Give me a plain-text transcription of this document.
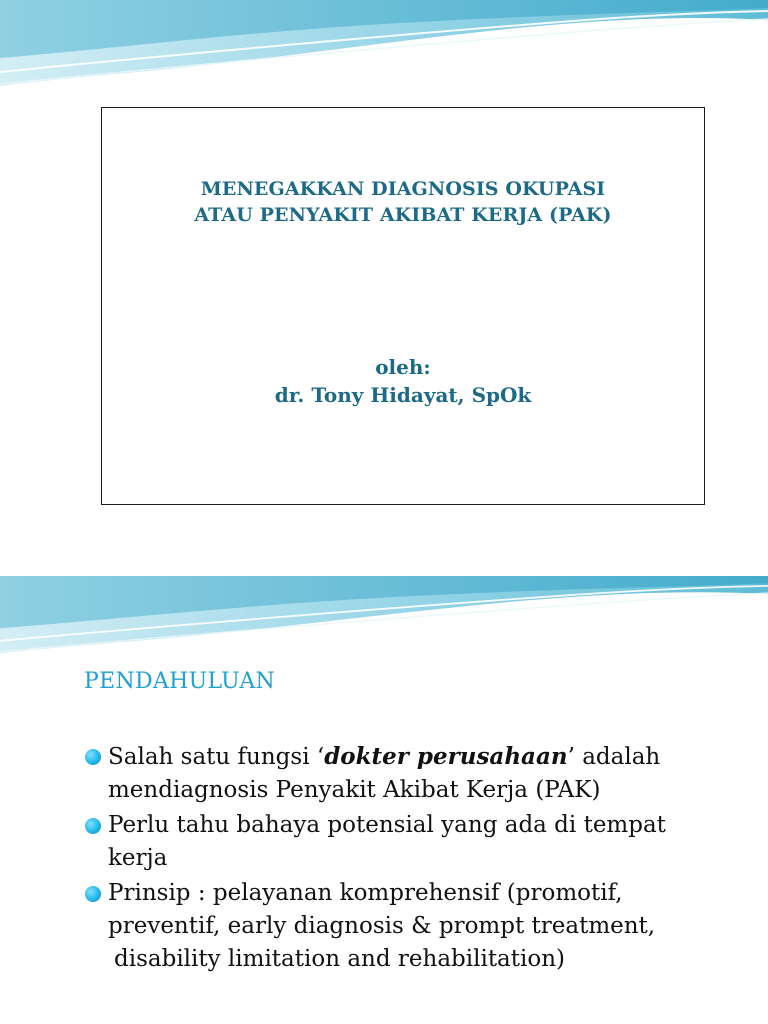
MENEGAKKAN DIAGNOSIS OKUPASI
ATAU PENYAKIT AKIBAT KERJA (PAK)
oleh:
dr. Tony Hidayat, SpOk
PENDAHULUAN
Salah satu fungsi ‘dokter perusahaan’ adalah
mendiagnosis Penyakit Akibat Kerja (PAK)
Perlu tahu bahaya potensial yang ada di tempat
kerja
Prinsip : pelayanan komprehensif (promotif,
preventif, early diagnosis & prompt treatment,
disability limitation and rehabilitation)
